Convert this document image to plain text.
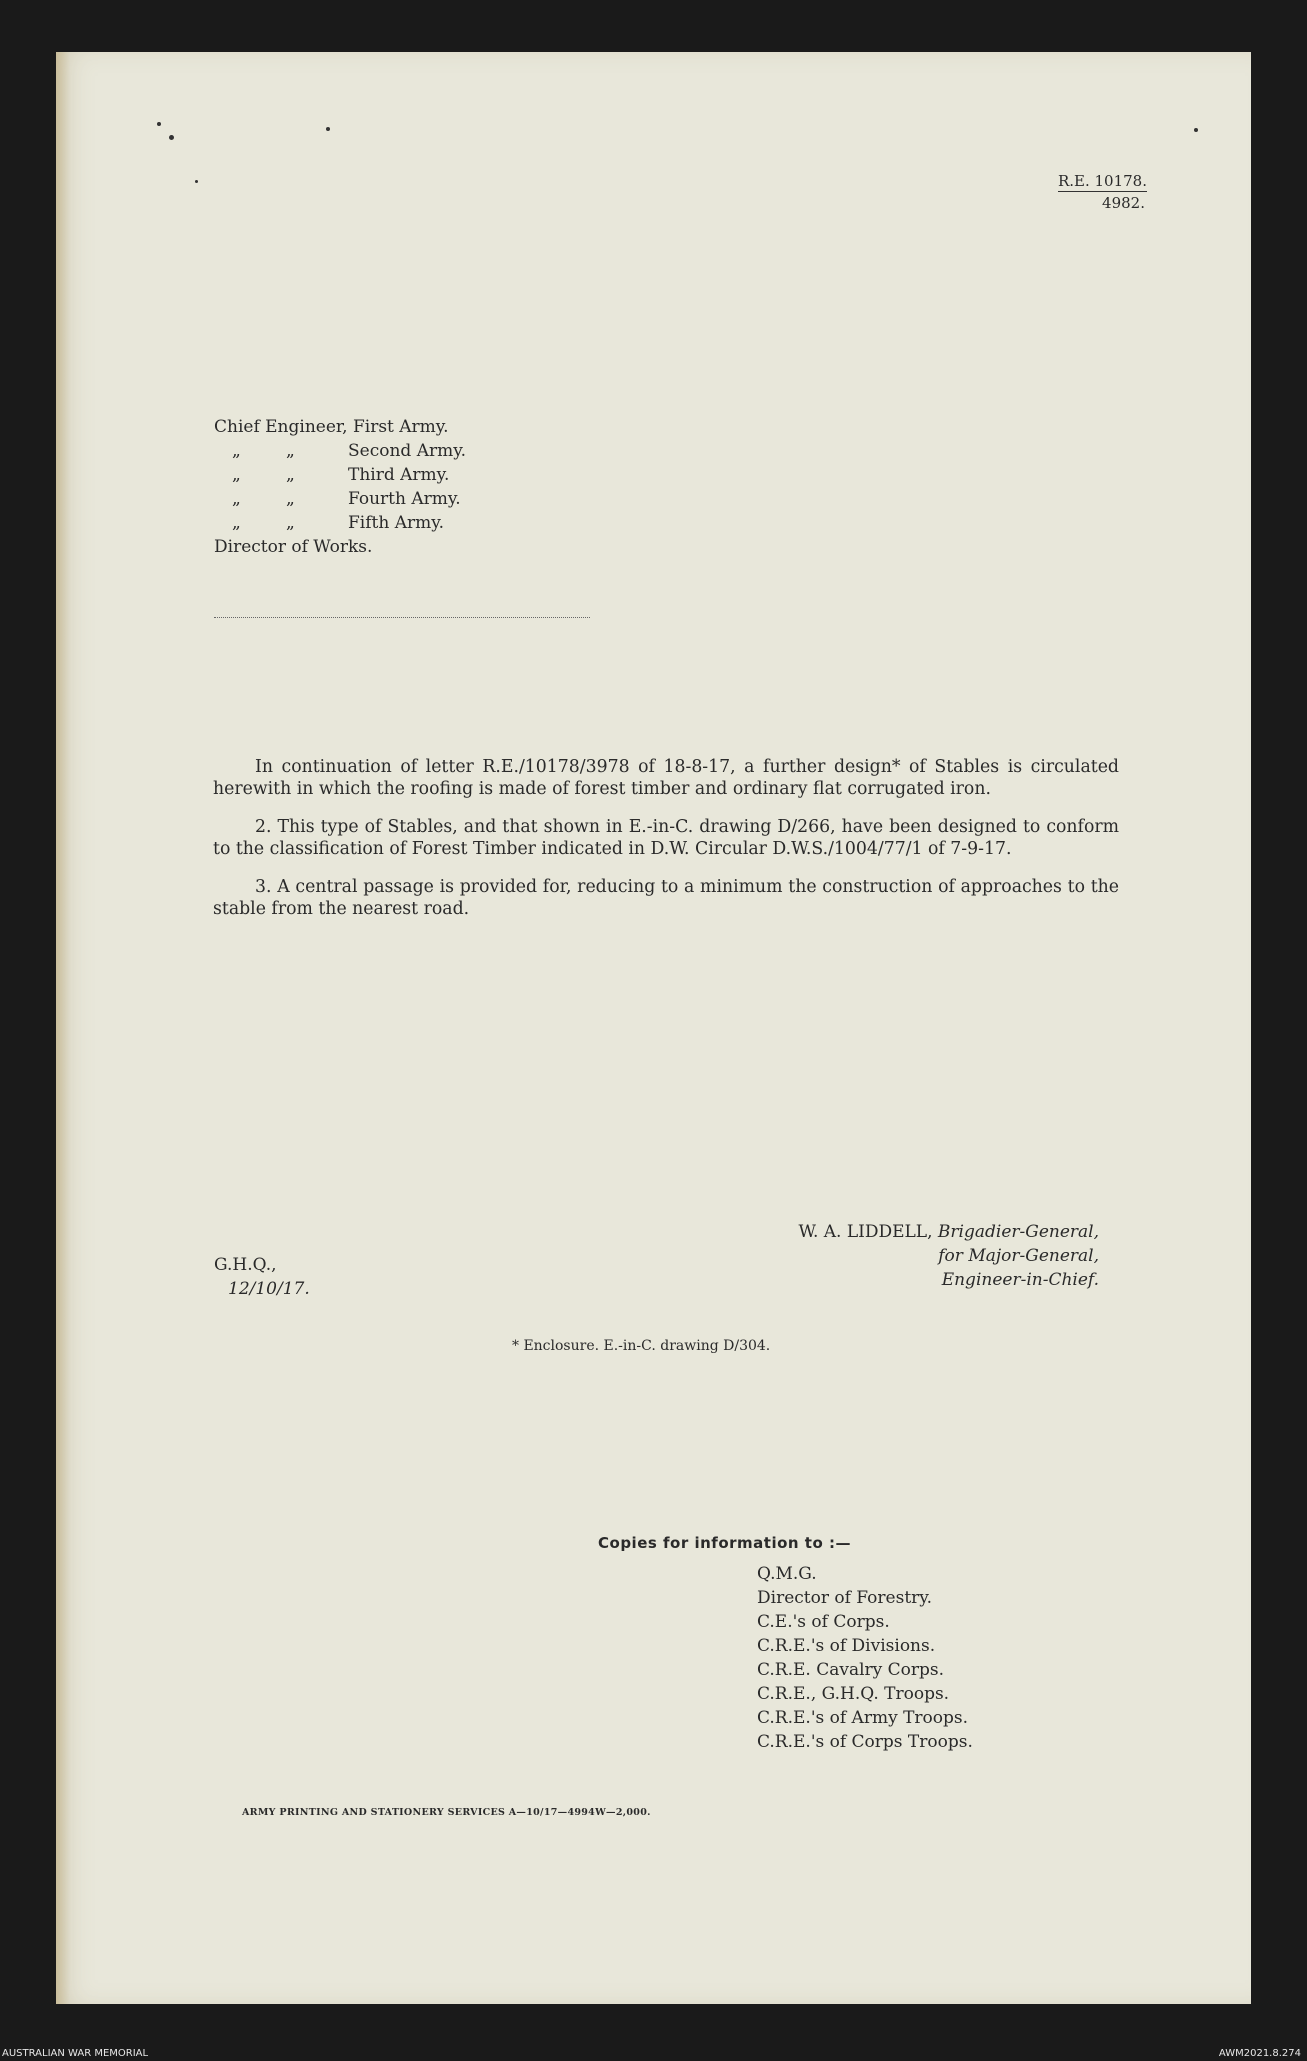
R.E. 10178.
4982.
Chief Engineer, First Army.
„	„	Second Army.
„	„	Third Army.
„	„	Fourth Army.
„	„	Fifth Army.
Director of Works.

In continuation of letter R.E./10178/3978 of 18-8-17, a further design* of Stables is circulated herewith in which the roofing is made of forest timber and ordinary flat corrugated iron.

2. This type of Stables, and that shown in E.-in-C. drawing D/266, have been designed to conform to the classification of Forest Timber indicated in D.W. Circular D.W.S./1004/77/1 of 7-9-17.

3. A central passage is provided for, reducing to a minimum the construction of approaches to the stable from the nearest road.

G.H.Q.,
12/10/17.
W. A. LIDDELL, Brigadier-General,
for Major-General,
Engineer-in-Chief.
* Enclosure. E.-in-C. drawing D/304.
Copies for information to :—
Q.M.G.
Director of Forestry.
C.E.'s of Corps.
C.R.E.'s of Divisions.
C.R.E. Cavalry Corps.
C.R.E., G.H.Q. Troops.
C.R.E.'s of Army Troops.
C.R.E.'s of Corps Troops.
ARMY PRINTING AND STATIONERY SERVICES A—10/17—4994W—2,000.
AUSTRALIAN WAR MEMORIAL	AWM2021.8.274
